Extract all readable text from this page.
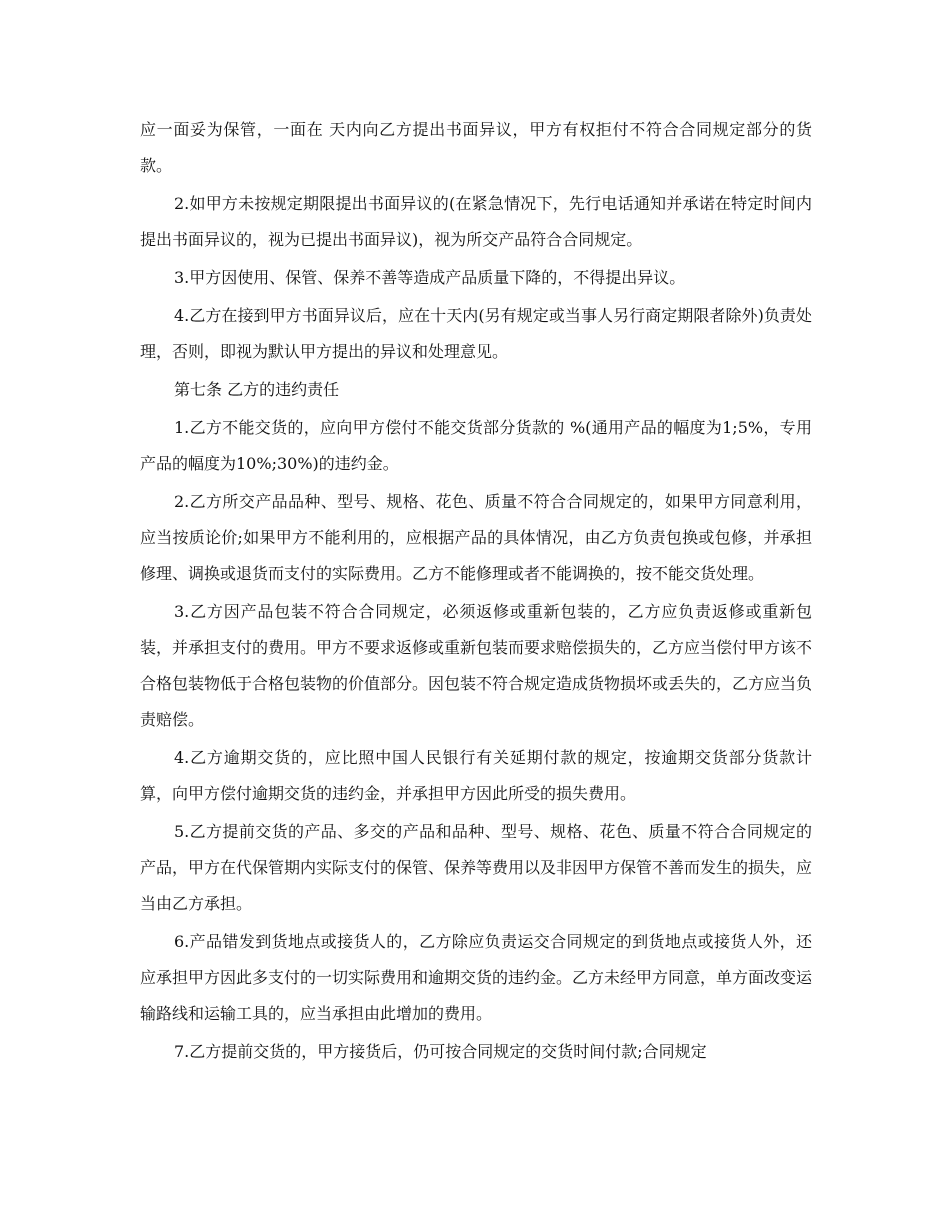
应一面妥为保管，一面在 天内向乙方提出书面异议，甲方有权拒付不符合合同规定部分的货款。

2.如甲方未按规定期限提出书面异议的(在紧急情况下，先行电话通知并承诺在特定时间内提出书面异议的，视为已提出书面异议)，视为所交产品符合合同规定。

3.甲方因使用、保管、保养不善等造成产品质量下降的，不得提出异议。

4.乙方在接到甲方书面异议后，应在十天内(另有规定或当事人另行商定期限者除外)负责处理，否则，即视为默认甲方提出的异议和处理意见。

第七条 乙方的违约责任

1.乙方不能交货的，应向甲方偿付不能交货部分货款的 %(通用产品的幅度为1;5%，专用产品的幅度为10%;30%)的违约金。

2.乙方所交产品品种、型号、规格、花色、质量不符合合同规定的，如果甲方同意利用，应当按质论价;如果甲方不能利用的，应根据产品的具体情况，由乙方负责包换或包修，并承担修理、调换或退货而支付的实际费用。乙方不能修理或者不能调换的，按不能交货处理。

3.乙方因产品包装不符合合同规定，必须返修或重新包装的，乙方应负责返修或重新包装，并承担支付的费用。甲方不要求返修或重新包装而要求赔偿损失的，乙方应当偿付甲方该不合格包装物低于合格包装物的价值部分。因包装不符合规定造成货物损坏或丢失的，乙方应当负责赔偿。

4.乙方逾期交货的，应比照中国人民银行有关延期付款的规定，按逾期交货部分货款计算，向甲方偿付逾期交货的违约金，并承担甲方因此所受的损失费用。

5.乙方提前交货的产品、多交的产品和品种、型号、规格、花色、质量不符合合同规定的产品，甲方在代保管期内实际支付的保管、保养等费用以及非因甲方保管不善而发生的损失，应当由乙方承担。

6.产品错发到货地点或接货人的，乙方除应负责运交合同规定的到货地点或接货人外，还应承担甲方因此多支付的一切实际费用和逾期交货的违约金。乙方未经甲方同意，单方面改变运输路线和运输工具的，应当承担由此增加的费用。

7.乙方提前交货的，甲方接货后，仍可按合同规定的交货时间付款;合同规定
